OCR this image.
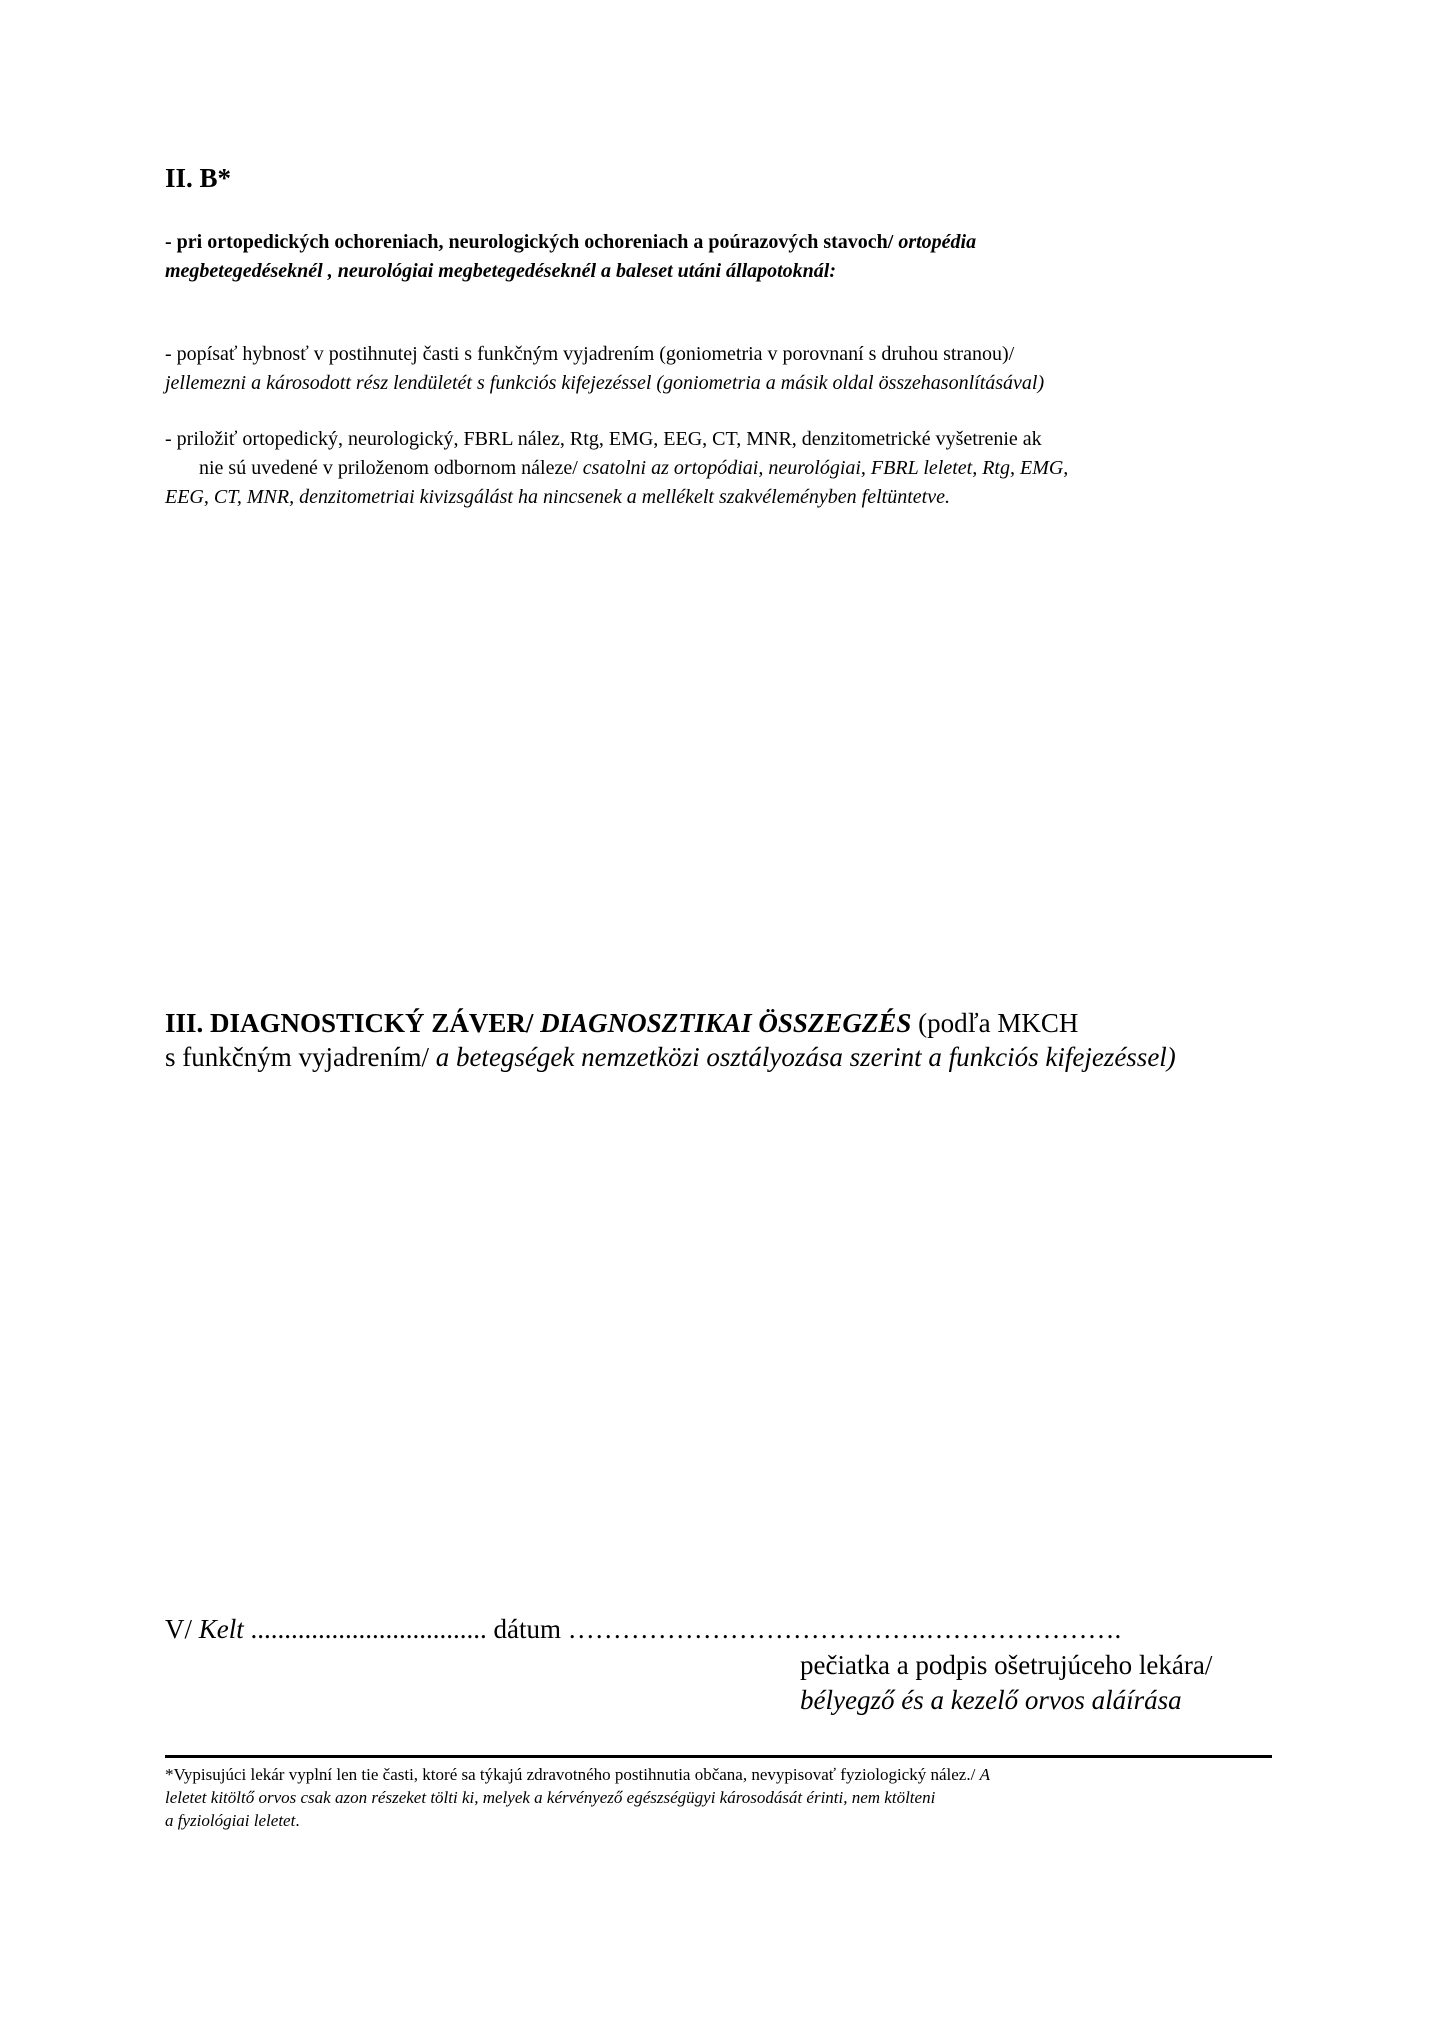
II. B*
- pri ortopedických ochoreniach, neurologických ochoreniach a poúrazových stavoch/ ortopédia
megbetegedéseknél , neurológiai megbetegedéseknél a baleset utáni állapotoknál:
- popísať hybnosť v postihnutej časti s funkčným vyjadrením (goniometria v porovnaní s druhou stranou)/
jellemezni a károsodott rész lendületét s funkciós kifejezéssel (goniometria a másik oldal összehasonlításával)
- priložiť ortopedický, neurologický, FBRL nález, Rtg, EMG, EEG, CT, MNR, denzitometrické vyšetrenie ak
nie sú uvedené v priloženom odbornom náleze/ csatolni az ortopódiai, neurológiai, FBRL leletet, Rtg, EMG,
EEG, CT, MNR, denzitometriai kivizsgálást ha nincsenek a mellékelt szakvéleményben feltüntetve.
III. DIAGNOSTICKÝ ZÁVER/ DIAGNOSZTIKAI ÖSSZEGZÉS (podľa MKCH
s funkčným vyjadrením/ a betegségek nemzetközi osztályozása szerint a funkciós kifejezéssel)
V/ Kelt ................................... dátum ………………………………….………………….
pečiatka a podpis ošetrujúceho lekára/
bélyegző és a kezelő orvos aláírása
*Vypisujúci lekár vyplní len tie časti, ktoré sa týkajú zdravotného postihnutia občana, nevypisovať fyziologický nález./ A
leletet kitöltő orvos csak azon részeket tölti ki, melyek a kérvényező egészségügyi károsodását érinti, nem ktölteni
a fyziológiai leletet.
